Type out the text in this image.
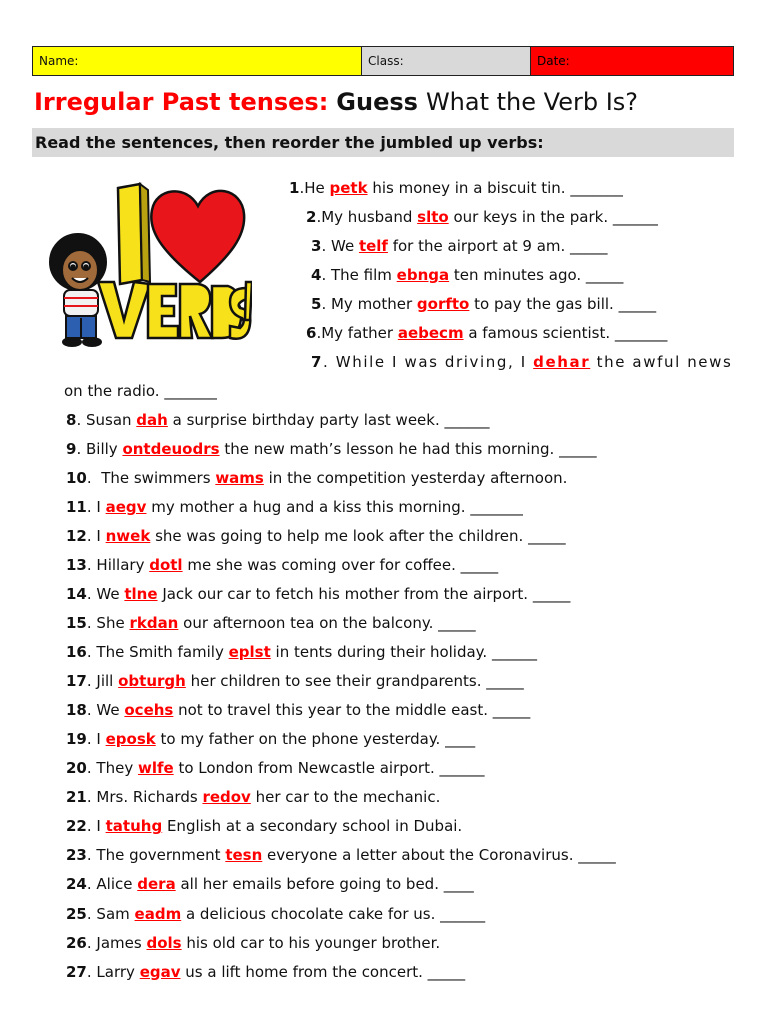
Name:	Class:	Date:
Irregular Past tenses: Guess What the Verb Is?
Read the sentences, then reorder the jumbled up verbs:
1.He petk his money in a biscuit tin. _______
2.My husband slto our keys in the park. ______
3. We telf for the airport at 9 am. _____
4. The film ebnga ten minutes ago. _____
5. My mother gorfto to pay the gas bill. _____
6.My father aebecm a famous scientist. _______
7. While I was driving, I dehar the awful news
on the radio. _______
8. Susan dah a surprise birthday party last week. ______
9. Billy ontdeuodrs the new math’s lesson he had this morning. _____
10.  The swimmers wams in the competition yesterday afternoon.
11. I aegv my mother a hug and a kiss this morning. _______
12. I nwek she was going to help me look after the children. _____
13. Hillary dotl me she was coming over for coffee. _____
14. We tlne Jack our car to fetch his mother from the airport. _____
15. She rkdan our afternoon tea on the balcony. _____
16. The Smith family eplst in tents during their holiday. ______
17. Jill obturgh her children to see their grandparents. _____
18. We ocehs not to travel this year to the middle east. _____
19. I eposk to my father on the phone yesterday. ____
20. They wlfe to London from Newcastle airport. ______
21. Mrs. Richards redov her car to the mechanic.
22. I tatuhg English at a secondary school in Dubai.
23. The government tesn everyone a letter about the Coronavirus. _____
24. Alice dera all her emails before going to bed. ____
25. Sam eadm a delicious chocolate cake for us. ______
26. James dols his old car to his younger brother.
27. Larry egav us a lift home from the concert. _____
